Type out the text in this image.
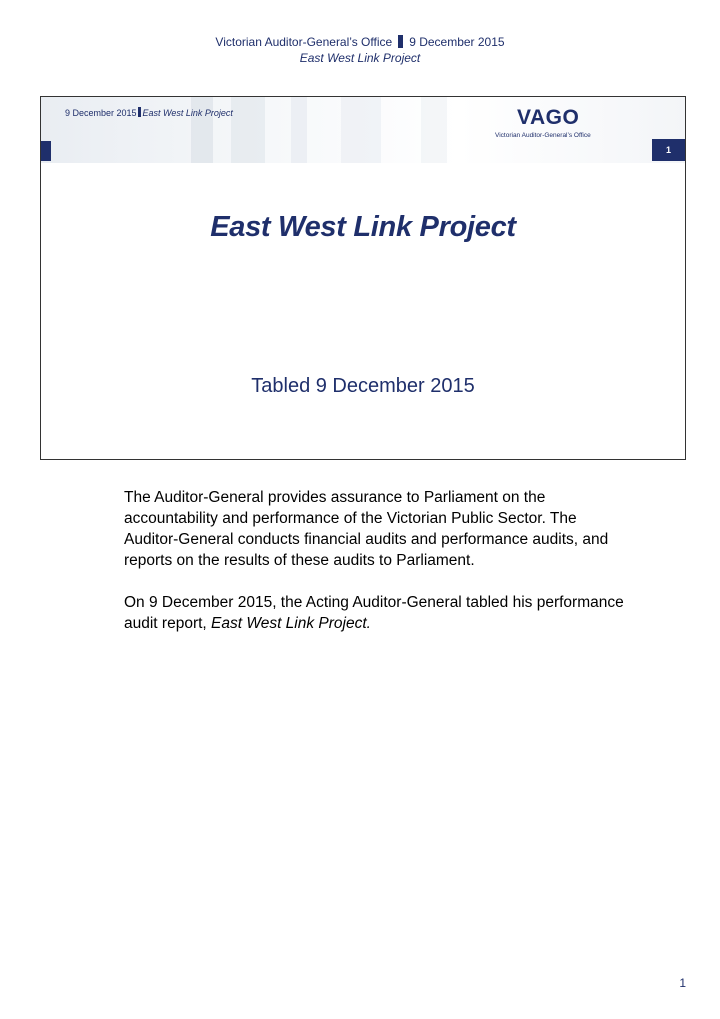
Victorian Auditor-General’s Office 9 December 2015
East West Link Project
9 December 2015 East West Link Project	VAGO
Victorian Auditor-General’s Office
1
East West Link Project
Tabled 9 December 2015

The Auditor-General provides assurance to Parliament on the accountability and performance of the Victorian Public Sector. The Auditor-General conducts financial audits and performance audits, and reports on the results of these audits to Parliament.

On 9 December 2015, the Acting Auditor-General tabled his performance audit report, East West Link Project.

1
